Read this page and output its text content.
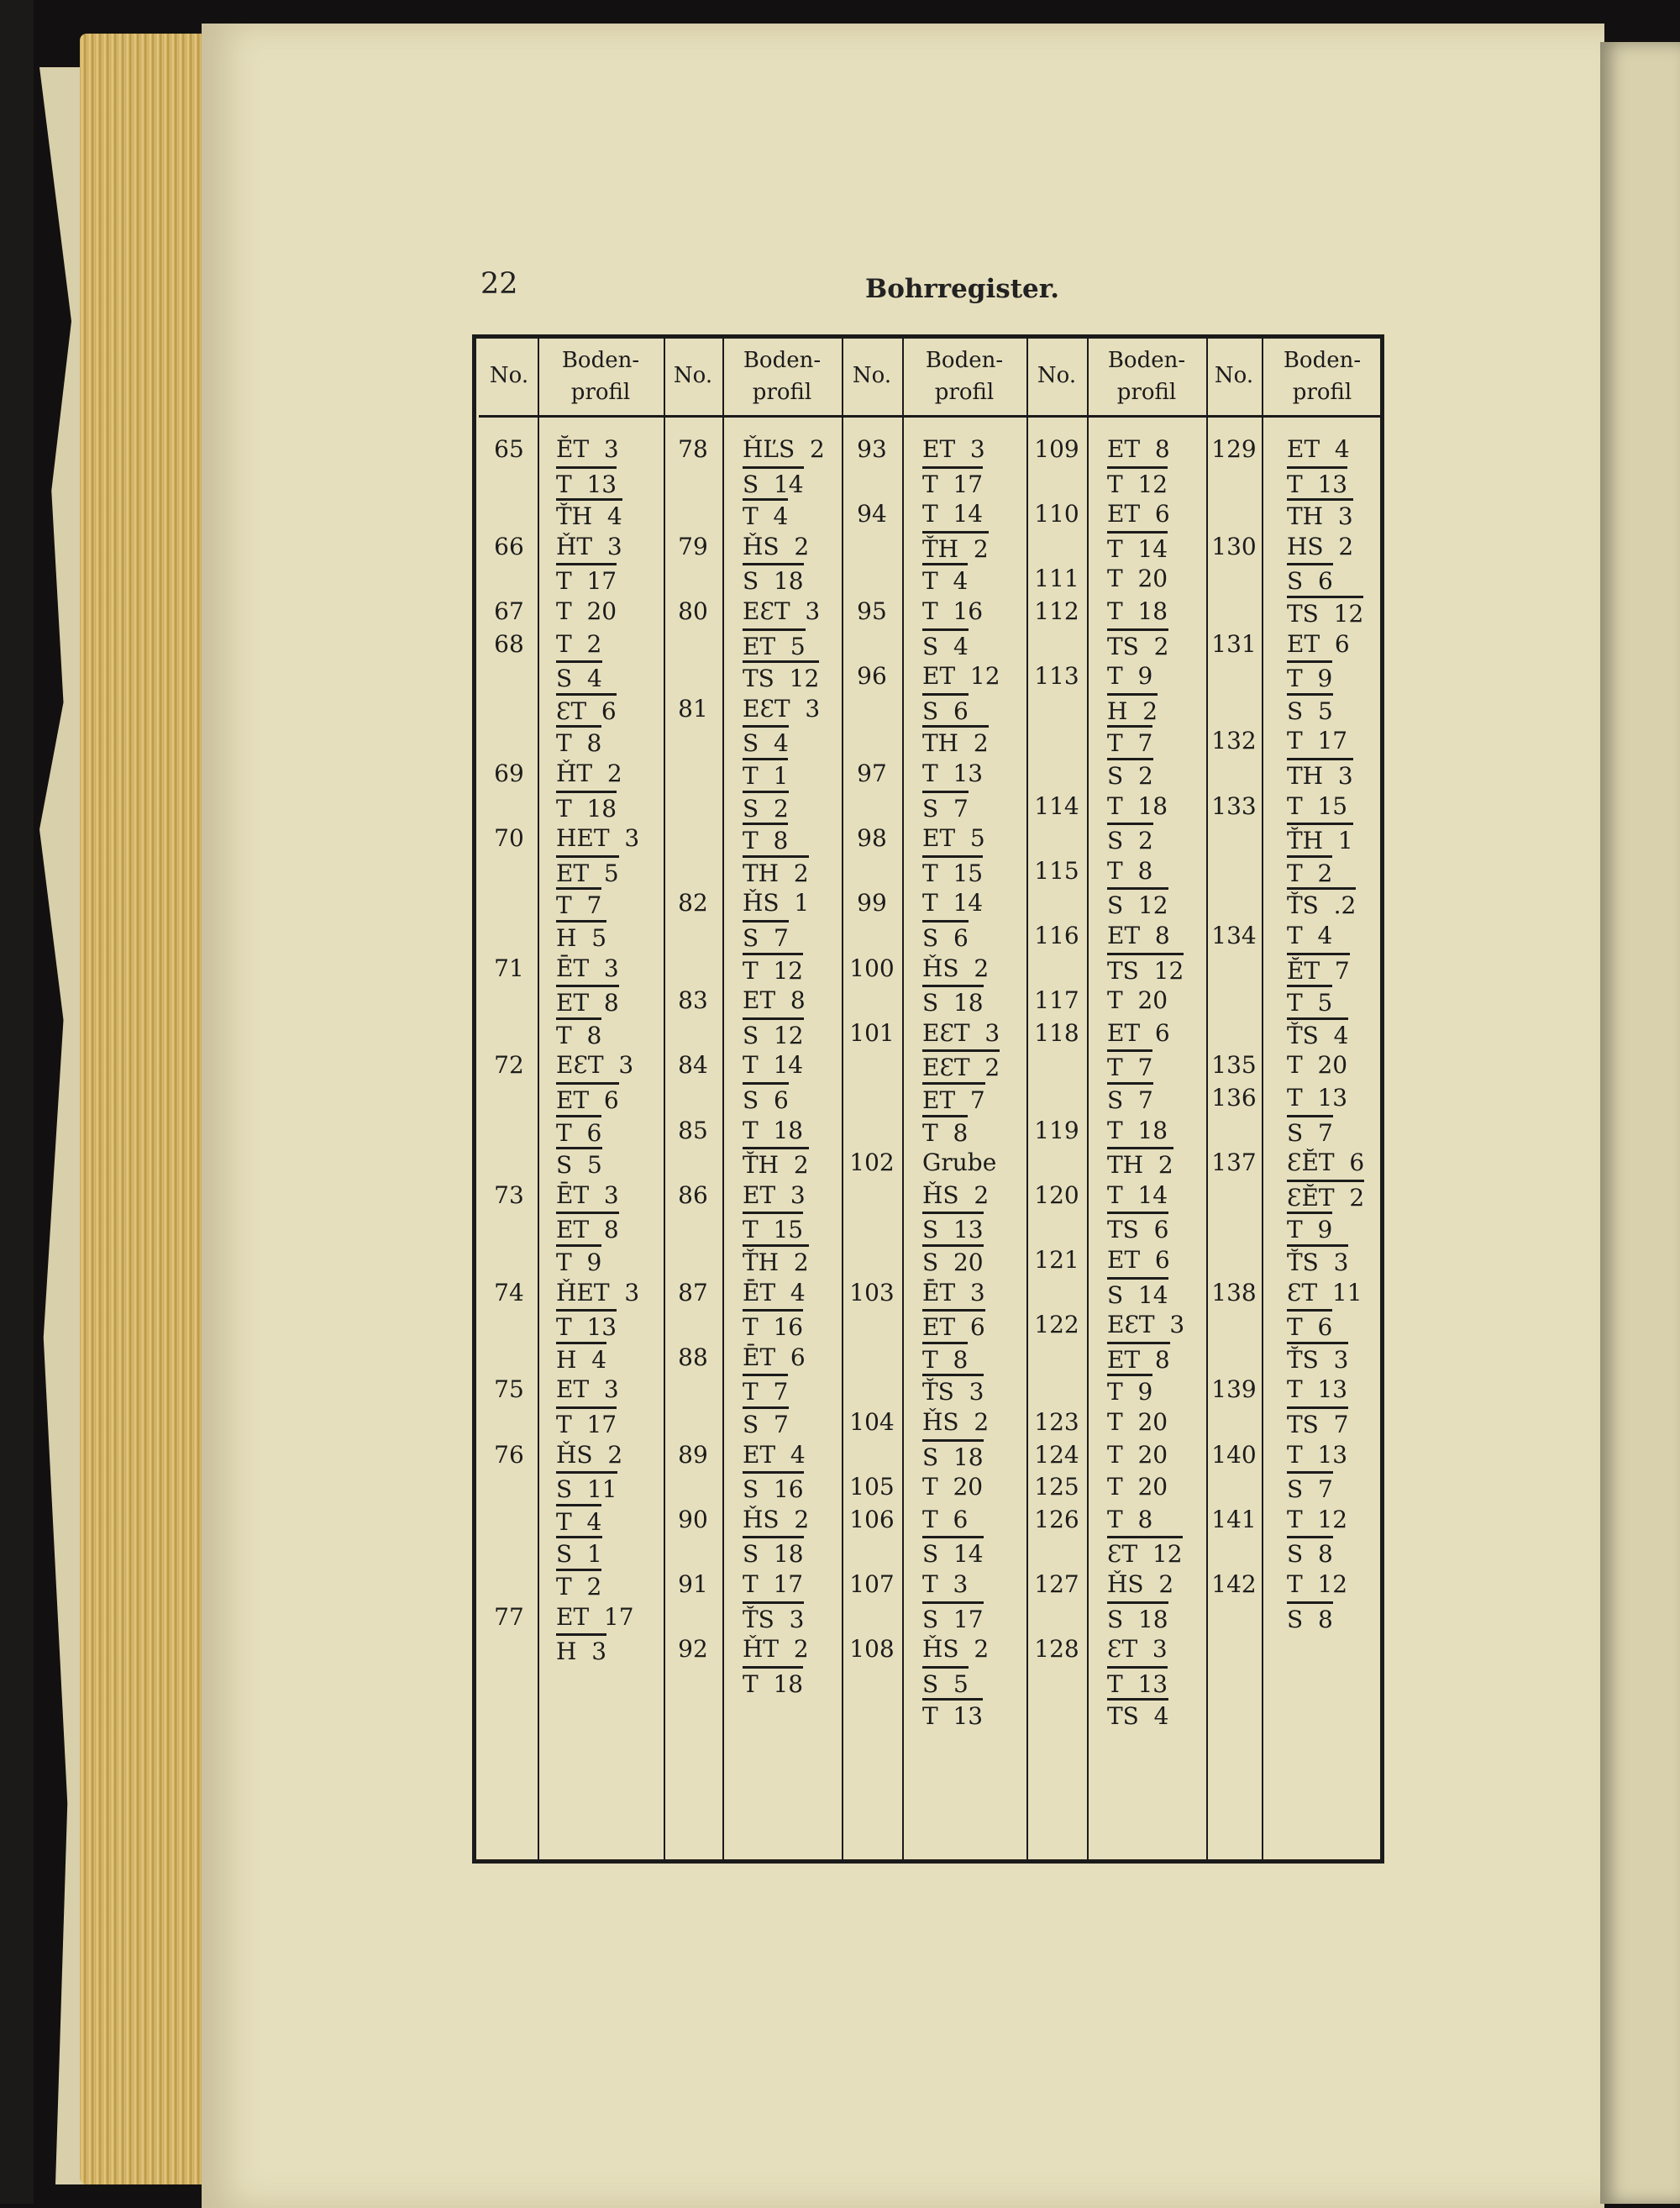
22	Bohrregister.
No.
Boden-
profil
65	ĔT  3
T  13
T̆H  4
66	ȞT  3
T  17
67	T  20
68	T  2
S  4
ƐT  6
T  8
69	ȞT  2
T  18
70	HET  3
ET  5
T  7
H  5
71	ĒT  3
ET  8
T  8
72	EƐT  3
ET  6
T  6
S  5
73	ĒT  3
ET  8
T  9
74	ȞET  3
T  13
H  4
75	ET  3
T  17
76	ȞS  2
S  11
T  4
S  1
T  2
77	ET  17
H  3
No.
Boden-
profil
78	ȞĽS  2
S  14
T  4
79	ȞS  2
S  18
80	EƐT  3
ET  5
TS  12
81	EƐT  3
S  4
T  1
S  2
T  8
TH  2
82	ȞS  1
S  7
T  12
83	ET  8
S  12
84	T  14
S  6
85	T  18
T̆H  2
86	ET  3
T  15
T̆H  2
87	ĒT  4
T  16
88	ĒT  6
T  7
S  7
89	ET  4
S  16
90	ȞS  2
S  18
91	T  17
T̆S  3
92	ȞT  2
T  18
No.
Boden-
profil
93	ET  3
T  17
94	T  14
T̆H  2
T  4
95	T  16
S  4
96	ET  12
S  6
TH  2
97	T  13
S  7
98	ET  5
T  15
99	T  14
S  6
100	ȞS  2
S  18
101	EƐT  3
EƐT  2
ET  7
T  8
102	Grube
ȞS  2
S  13
S  20
103	ĒT  3
ET  6
T  8
T̆S  3
104	ȞS  2
S  18
105	T  20
106	T  6
S  14
107	T  3
S  17
108	ȞS  2
S  5
T  13
No.
Boden-
profil
109	ET  8
T  12
110	ET  6
T  14
111	T  20
112	T  18
TS  2
113	T  9
H  2
T  7
S  2
114	T  18
S  2
115	T  8
S  12
116	ET  8
TS  12
117	T  20
118	ET  6
T  7
S  7
119	T  18
TH  2
120	T  14
TS  6
121	ET  6
S  14
122	EƐT  3
ET  8
T  9
123	T  20
124	T  20
125	T  20
126	T  8
ƐT  12
127	ȞS  2
S  18
128	ƐT  3
T  13
TS  4
No.
Boden-
profil
129 ET  4
T  13
TH  3
130 HS  2
S  6
TS  12
131 ET  6
T  9
S  5
132 T  17
TH  3
133 T  15
T̆H  1
T  2
T̆S  .2
134 T  4
ĔT  7
T  5
T̆S  4
135 T  20
136 T  13
S  7
137 ƐĔT  6
ƐĔT  2
T  9
T̆S  3
138 ƐT  11
T  6
T̆S  3
139 T  13
TS  7
140 T  13
S  7
141 T  12
S  8
142 T  12
S  8
